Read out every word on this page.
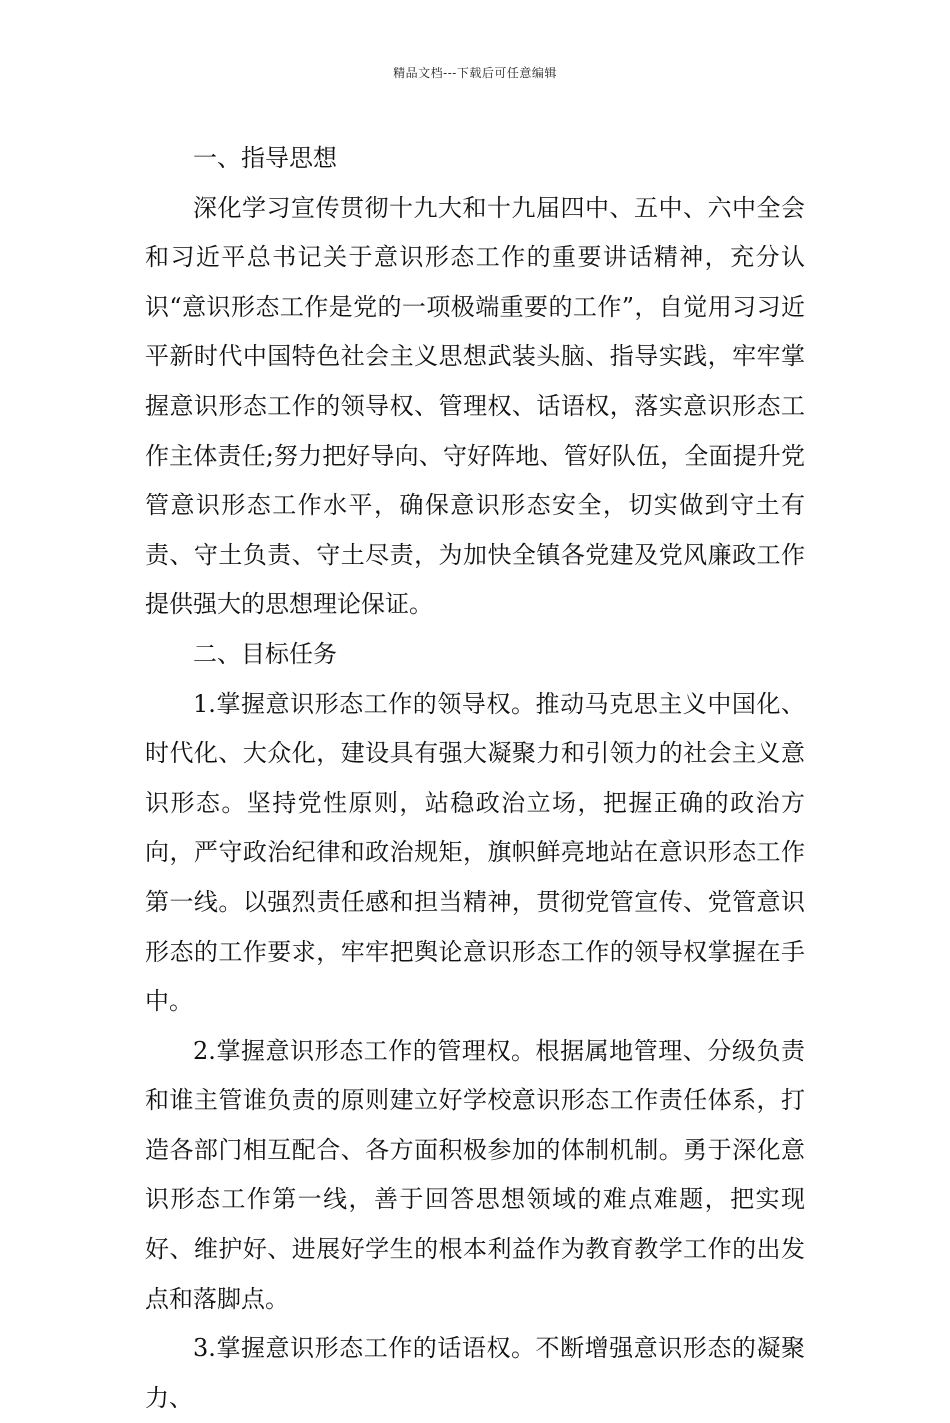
精品文档---下载后可任意编辑

一、指导思想

深化学习宣传贯彻十九大和十九届四中、五中、六中全会和习近平总书记关于意识形态工作的重要讲话精神，充分认识“意识形态工作是党的一项极端重要的工作”，自觉用习习近平新时代中国特色社会主义思想武装头脑、指导实践，牢牢掌握意识形态工作的领导权、管理权、话语权，落实意识形态工作主体责任;努力把好导向、守好阵地、管好队伍，全面提升党管意识形态工作水平，确保意识形态安全，切实做到守土有责、守土负责、守土尽责，为加快全镇各党建及党风廉政工作提供强大的思想理论保证。

二、目标任务

1.掌握意识形态工作的领导权。推动马克思主义中国化、时代化、大众化，建设具有强大凝聚力和引领力的社会主义意识形态。坚持党性原则，站稳政治立场，把握正确的政治方向，严守政治纪律和政治规矩，旗帜鲜亮地站在意识形态工作第一线。以强烈责任感和担当精神，贯彻党管宣传、党管意识形态的工作要求，牢牢把舆论意识形态工作的领导权掌握在手中。

2.掌握意识形态工作的管理权。根据属地管理、分级负责和谁主管谁负责的原则建立好学校意识形态工作责任体系，打造各部门相互配合、各方面积极参加的体制机制。勇于深化意识形态工作第一线，善于回答思想领域的难点难题，把实现好、维护好、进展好学生的根本利益作为教育教学工作的出发点和落脚点。

3.掌握意识形态工作的话语权。不断增强意识形态的凝聚力、
